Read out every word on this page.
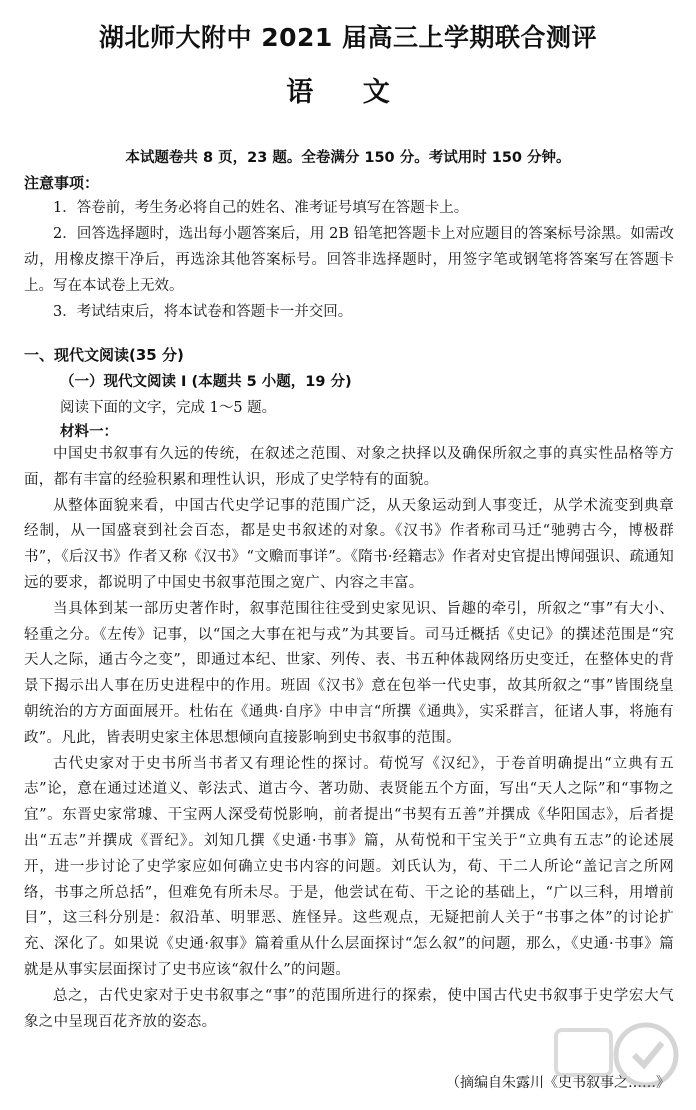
湖北师大附中 2021 届高三上学期联合测评
语 文
本试题卷共 8 页，23 题。全卷满分 150 分。考试用时 150 分钟。
注意事项：

1．答卷前，考生务必将自己的姓名、准考证号填写在答题卡上。

2．回答选择题时，选出每小题答案后，用 2B 铅笔把答题卡上对应题目的答案标号涂黑。如需改动，用橡皮擦干净后，再选涂其他答案标号。回答非选择题时，用签字笔或钢笔将答案写在答题卡上。写在本试卷上无效。

3．考试结束后，将本试卷和答题卡一并交回。

一、现代文阅读(35 分)
（一）现代文阅读 I (本题共 5 小题，19 分)
阅读下面的文字，完成 1～5 题。
材料一：

中国史书叙事有久远的传统，在叙述之范围、对象之抉择以及确保所叙之事的真实性品格等方面，都有丰富的经验积累和理性认识，形成了史学特有的面貌。

从整体面貌来看，中国古代史学记事的范围广泛，从天象运动到人事变迁，从学术流变到典章经制，从一国盛衰到社会百态，都是史书叙述的对象。《汉书》作者称司马迁“驰骋古今，博极群书”，《后汉书》作者又称《汉书》“文赡而事详”。《隋书·经籍志》作者对史官提出博闻强识、疏通知远的要求，都说明了中国史书叙事范围之宽广、内容之丰富。

当具体到某一部历史著作时，叙事范围往往受到史家见识、旨趣的牵引，所叙之“事”有大小、轻重之分。《左传》记事，以“国之大事在祀与戎”为其要旨。司马迁概括《史记》的撰述范围是“究天人之际，通古今之变”，即通过本纪、世家、列传、表、书五种体裁网络历史变迁，在整体史的背景下揭示出人事在历史进程中的作用。班固《汉书》意在包举一代史事，故其所叙之“事”皆围绕皇朝统治的方方面面展开。杜佑在《通典·自序》中申言“所撰《通典》，实采群言，征诸人事，将施有政”。凡此，皆表明史家主体思想倾向直接影响到史书叙事的范围。

古代史家对于史书所当书者又有理论性的探讨。荀悦写《汉纪》，于卷首明确提出“立典有五志”论，意在通过述道义、彰法式、道古今、著功勋、表贤能五个方面，写出“天人之际”和“事物之宜”。东晋史家常璩、干宝两人深受荀悦影响，前者提出“书契有五善”并撰成《华阳国志》，后者提出“五志”并撰成《晋纪》。刘知几撰《史通·书事》篇，从荀悦和干宝关于“立典有五志”的论述展开，进一步讨论了史学家应如何确立史书内容的问题。刘氏认为，荀、干二人所论“盖记言之所网络，书事之所总括”，但难免有所未尽。于是，他尝试在荀、干之论的基础上，“广以三科，用增前目”，这三科分别是：叙沿革、明罪恶、旌怪异。这些观点，无疑把前人关于“书事之体”的讨论扩充、深化了。如果说《史通·叙事》篇着重从什么层面探讨“怎么叙”的问题，那么，《史通·书事》篇就是从事实层面探讨了史书应该“叙什么”的问题。

总之，古代史家对于史书叙事之“事”的范围所进行的探索，使中国古代史书叙事于史学宏大气象之中呈现百花齐放的姿态。

（摘编自朱露川《史书叙事之……》
